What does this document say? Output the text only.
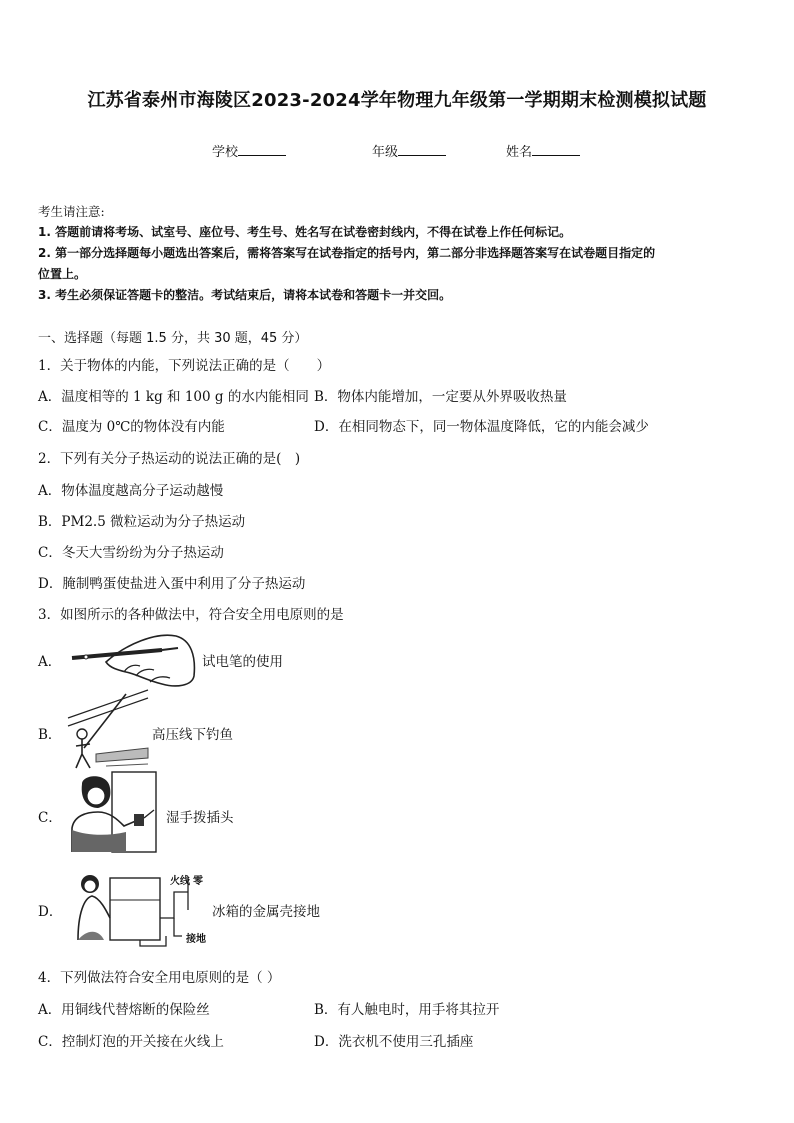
江苏省泰州市海陵区2023-2024学年物理九年级第一学期期末检测模拟试题
学校	年级	姓名
考生请注意:
1. 答题前请将考场、试室号、座位号、考生号、姓名写在试卷密封线内，不得在试卷上作任何标记。
2. 第一部分选择题每小题选出答案后，需将答案写在试卷指定的括号内，第二部分非选择题答案写在试卷题目指定的
位置上。
3. 考生必须保证答题卡的整洁。考试结束后，请将本试卷和答题卡一并交回。
一、选择题（每题 1.5 分，共 30 题，45 分）
1．关于物体的内能，下列说法正确的是（　　）
A．温度相等的 1 kg 和 100 g 的水内能相同 B．物体内能增加，一定要从外界吸收热量
C．温度为 0℃的物体没有内能	D．在相同物态下，同一物体温度降低，它的内能会减少
2．下列有关分子热运动的说法正确的是(　)
A．物体温度越高分子运动越慢
B．PM2.5 微粒运动为分子热运动
C．冬天大雪纷纷为分子热运动
D．腌制鸭蛋使盐进入蛋中利用了分子热运动
3．如图所示的各种做法中，符合安全用电原则的是
A．	试电笔的使用
B．	高压线下钓鱼
C．	湿手拨插头
D．
火线 零
接地
冰箱的金属壳接地
4．下列做法符合安全用电原则的是（ ）
A．用铜线代替熔断的保险丝	B．有人触电时，用手将其拉开
C．控制灯泡的开关接在火线上	D．洗衣机不使用三孔插座
